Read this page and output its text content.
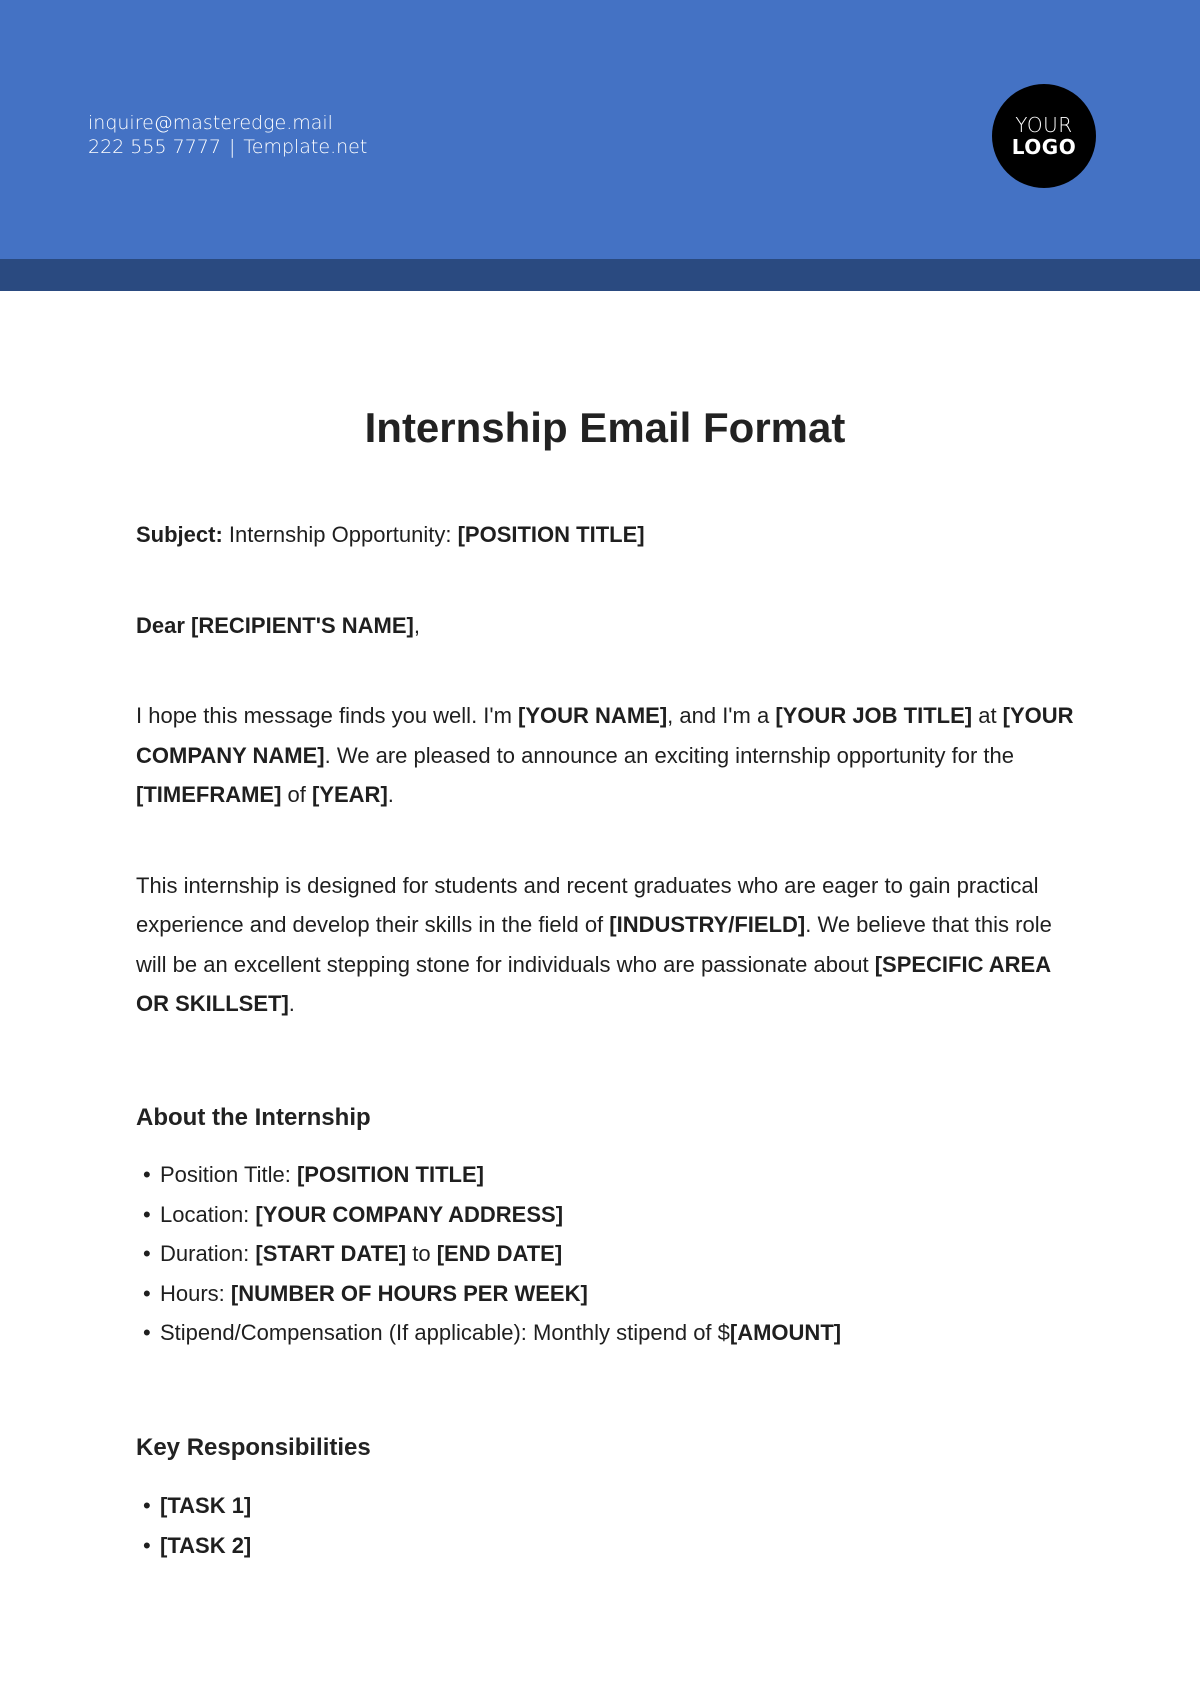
inquire@masteredge.mail
222 555 7777 | Template.net
YOUR
LOGO
Internship Email Format

Subject: Internship Opportunity: [POSITION TITLE]

Dear [RECIPIENT'S NAME],

I hope this message finds you well. I'm [YOUR NAME], and I'm a [YOUR JOB TITLE] at [YOUR COMPANY NAME]. We are pleased to announce an exciting internship opportunity for the [TIMEFRAME] of [YEAR].

This internship is designed for students and recent graduates who are eager to gain practical experience and develop their skills in the field of [INDUSTRY/FIELD]. We believe that this role will be an excellent stepping stone for individuals who are passionate about [SPECIFIC AREA OR SKILLSET].

About the Internship
• Position Title: [POSITION TITLE]
• Location: [YOUR COMPANY ADDRESS]
• Duration: [START DATE] to [END DATE]
• Hours: [NUMBER OF HOURS PER WEEK]
• Stipend/Compensation (If applicable): Monthly stipend of $[AMOUNT]
Key Responsibilities
• [TASK 1]
• [TASK 2]
